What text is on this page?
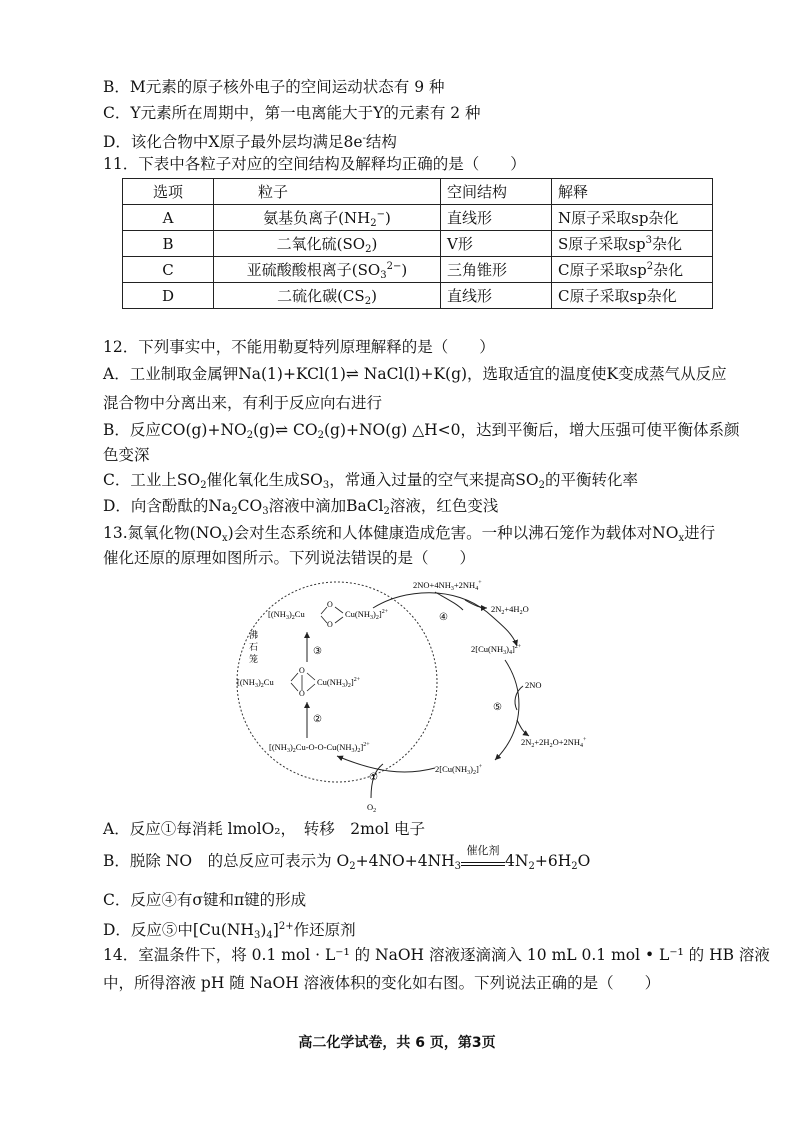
B．M元素的原子核外电子的空间运动状态有 9 种
C．Y元素所在周期中，第一电离能大于Y的元素有 2 种
D．该化合物中X原子最外层均满足8e-结构
11．下表中各粒子对应的空间结构及解释均正确的是（　　）
选项	粒子	空间结构	解释
A	氨基负离子$(NH_2^-)$	直线形	N原子采取sp杂化
B	二氧化硫$(SO_2)$	V形	S原子采取$sp^3$杂化
C	亚硫酸酸根离子$(SO_3^{2-})$	三角锥形	C原子采取$sp^2$杂化
D	二硫化碳$(CS_2)$	直线形	C原子采取sp杂化
12．下列事实中，不能用勒夏特列原理解释的是（　　）
A．工业制取金属钾Na(1)+KCl(1)⇌ NaCl(l)+K(g)，选取适宜的温度使K变成蒸气从反应
混合物中分离出来，有利于反应向右进行
B．反应$CO(g)+NO_2(g)\rightleftharpoons$ $CO_2(g)+NO(g)$ △H<0，达到平衡后，增大压强可使平衡体系颜
色变深
C．工业上$SO_2$催化氧化生成$SO_3$，常通入过量的空气来提高$SO_2$的平衡转化率
D．向含酚酞的$Na_2CO_3$溶液中滴加BaCl$_2$溶液，红色变浅
13.氮氧化物$(NO_x)$会对生态系统和人体健康造成危害。一种以沸石笼作为载体对$NO_x$进行
催化还原的原理如图所示。下列说法错误的是（　　）
沸
石
笼
[$(NH_3)_2Cu$
O
O
$Cu(NH_3)_2]^{2+}$
③
[$(NH_3)_2Cu$
O
O
$Cu(NH_3)_2]^{2+}$
②
$[(NH_3)_2Cu-O-O-Cu(NH_3)_2]^{2+}$
$O_2$
①
$2NO+4NH_3+2NH_4^+$
$2N_2+4H_2O$
④
$2[Cu(NH_3)_4]^{2+}$
2NO
⑤
$2N_2+2H_2O+2NH_4^+$
$2[Cu(NH_3)_2]^+$
A．反应①每消耗 lmolO₂，　转移　2mol 电子
B．脱除 NO　的总反应可表示为 $O_2+4NO+4NH_3$
催化剂
$4N_2+6H_2O$
C．反应④有σ键和π键的形成
D．反应⑤中$[Cu(NH_3)_4]^{2+}$作还原剂
14．室温条件下，将 0.1 mol · L⁻¹ 的 NaOH 溶液逐滴滴入 10 mL 0.1 mol • L⁻¹ 的 HB 溶液
中，所得溶液 pH 随 NaOH 溶液体积的变化如右图。下列说法正确的是（　　）
高二化学试卷，共 6 页，第3页
